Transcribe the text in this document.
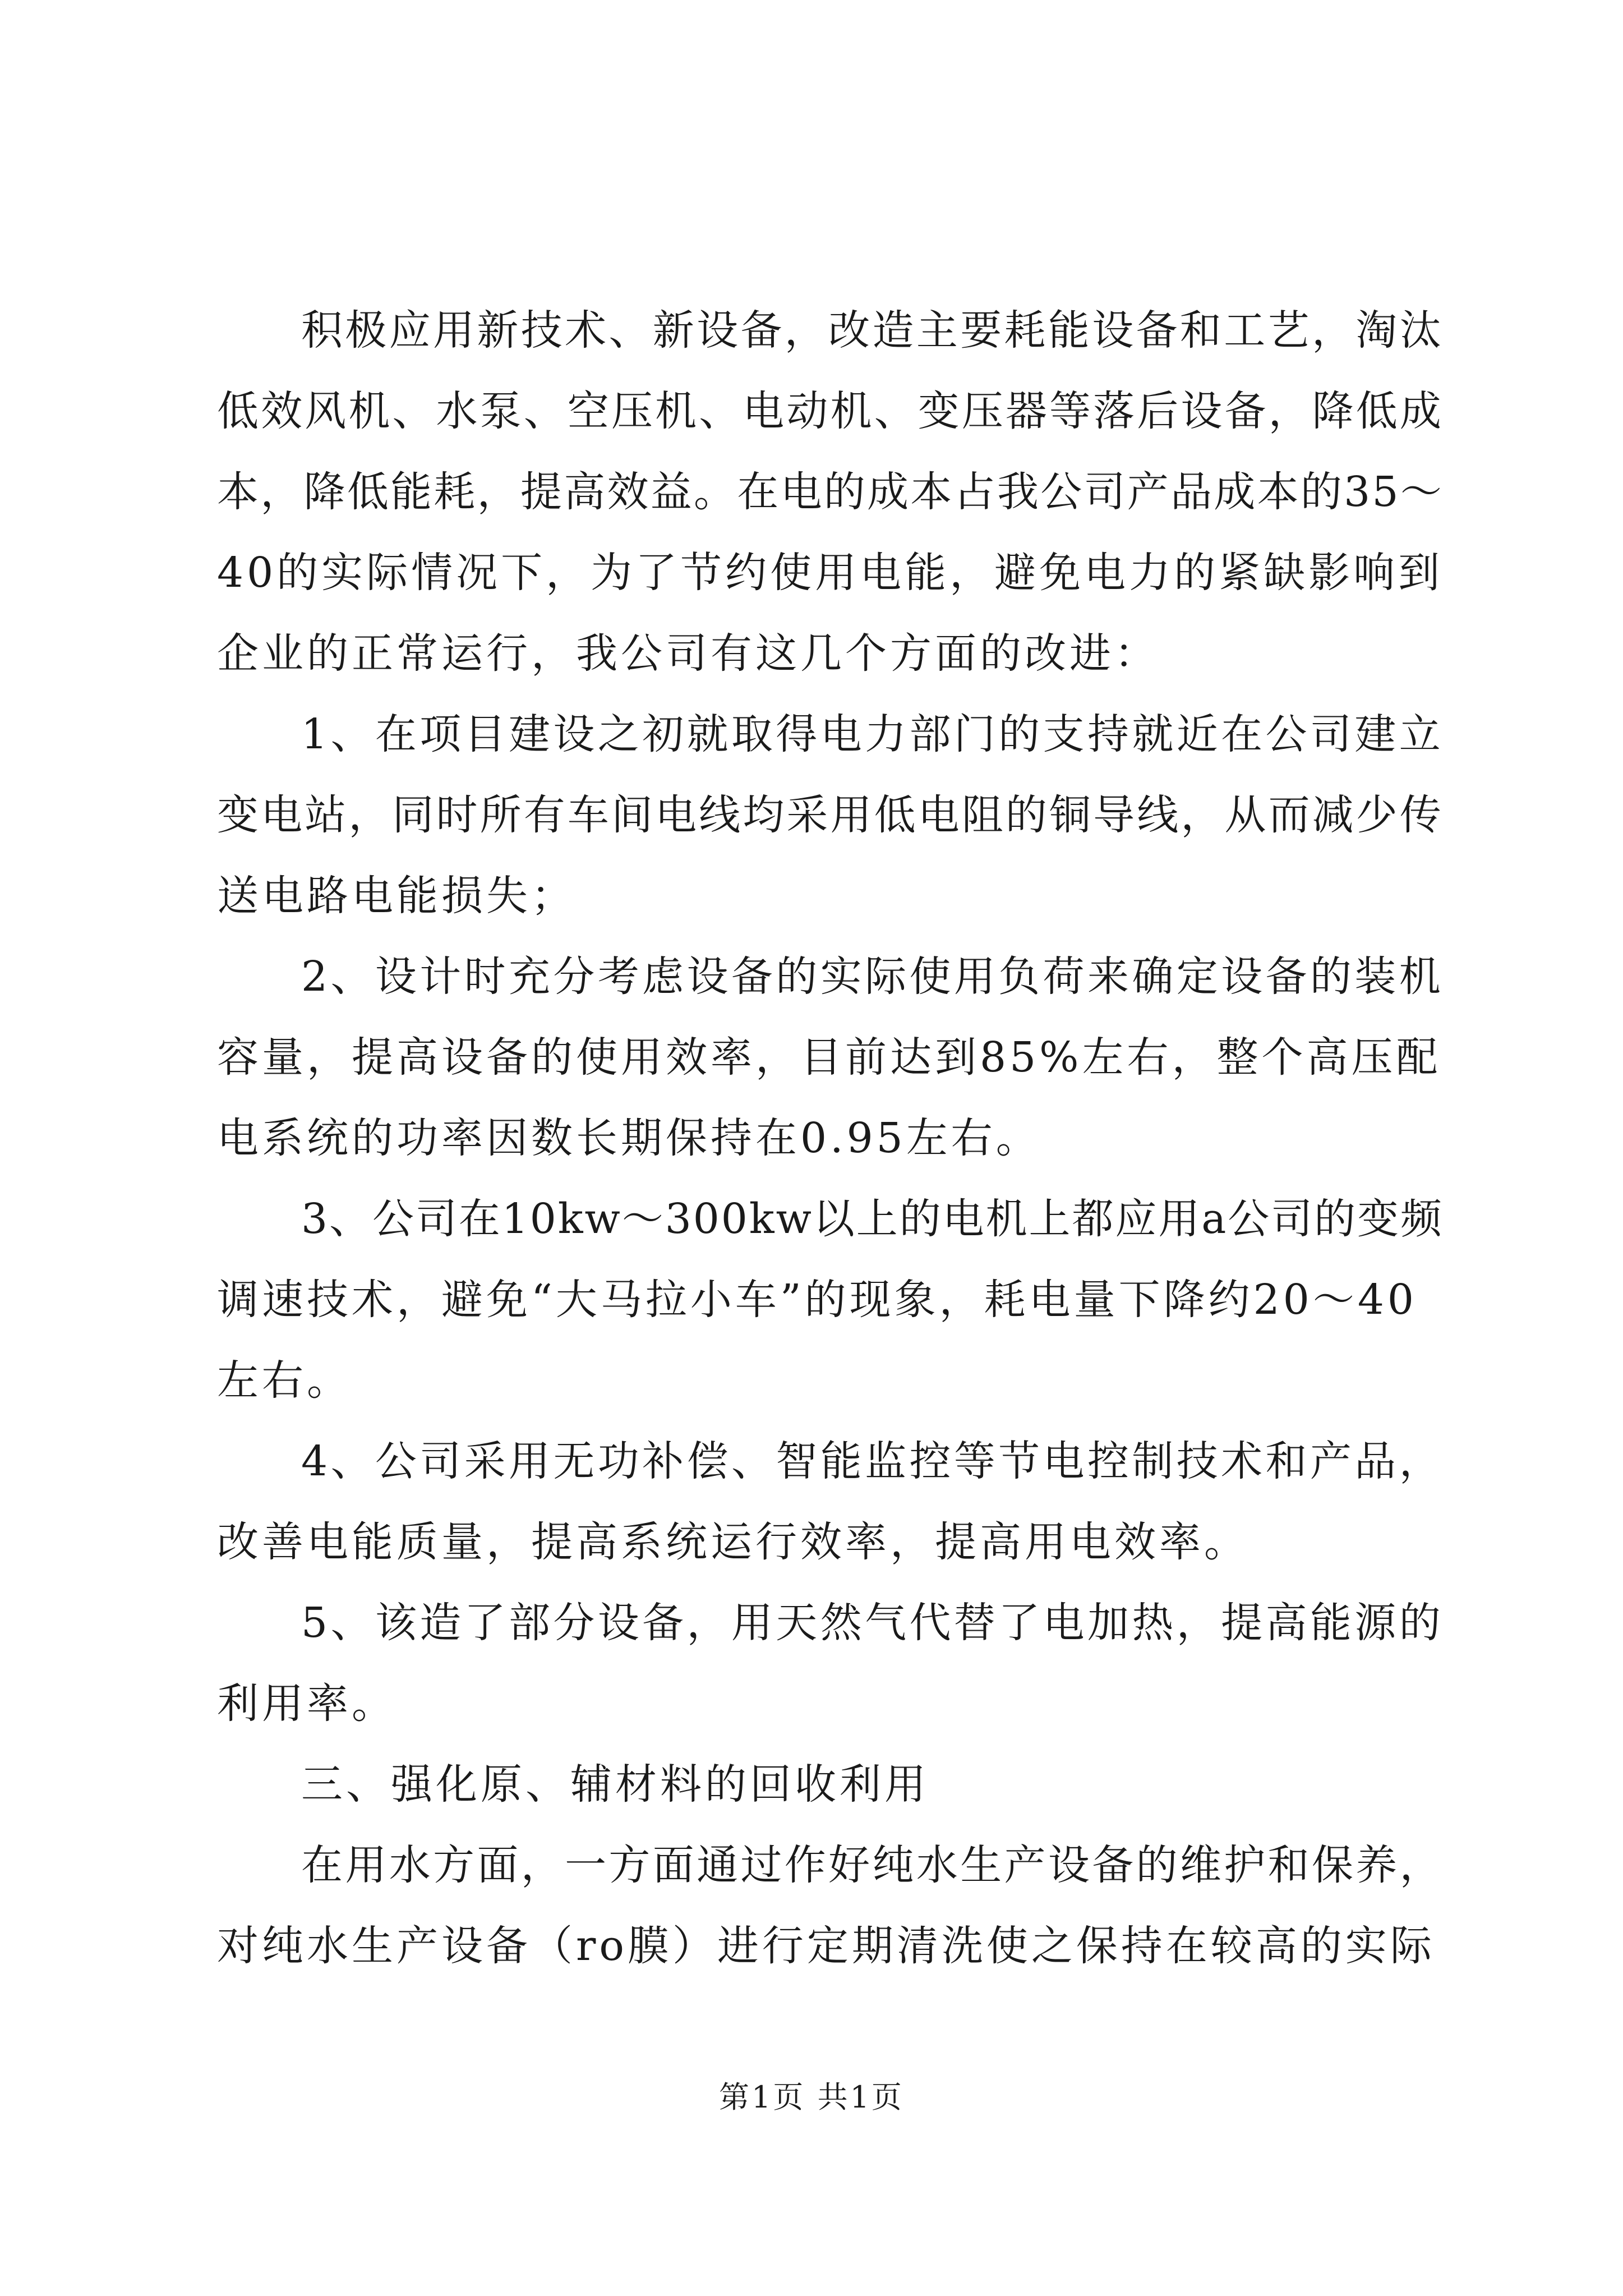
积极应用新技术、新设备，改造主要耗能设备和工艺，淘汰
低效风机、水泵、空压机、电动机、变压器等落后设备，降低成
本，降低能耗，提高效益。在电的成本占我公司产品成本的35～
40的实际情况下，为了节约使用电能，避免电力的紧缺影响到
企业的正常运行，我公司有这几个方面的改进：
1、在项目建设之初就取得电力部门的支持就近在公司建立
变电站，同时所有车间电线均采用低电阻的铜导线，从而减少传
送电路电能损失；
2、设计时充分考虑设备的实际使用负荷来确定设备的装机
容量，提高设备的使用效率，目前达到85%左右，整个高压配
电系统的功率因数长期保持在0.95左右。
3、公司在10kw～300kw以上的电机上都应用a公司的变频
调速技术，避免“大马拉小车”的现象，耗电量下降约20～40
左右。
4、公司采用无功补偿、智能监控等节电控制技术和产品，
改善电能质量，提高系统运行效率，提高用电效率。
5、该造了部分设备，用天然气代替了电加热，提高能源的
利用率。
三、强化原、辅材料的回收利用
在用水方面，一方面通过作好纯水生产设备的维护和保养，
对纯水生产设备（ro膜）进行定期清洗使之保持在较高的实际
第1页 共1页
